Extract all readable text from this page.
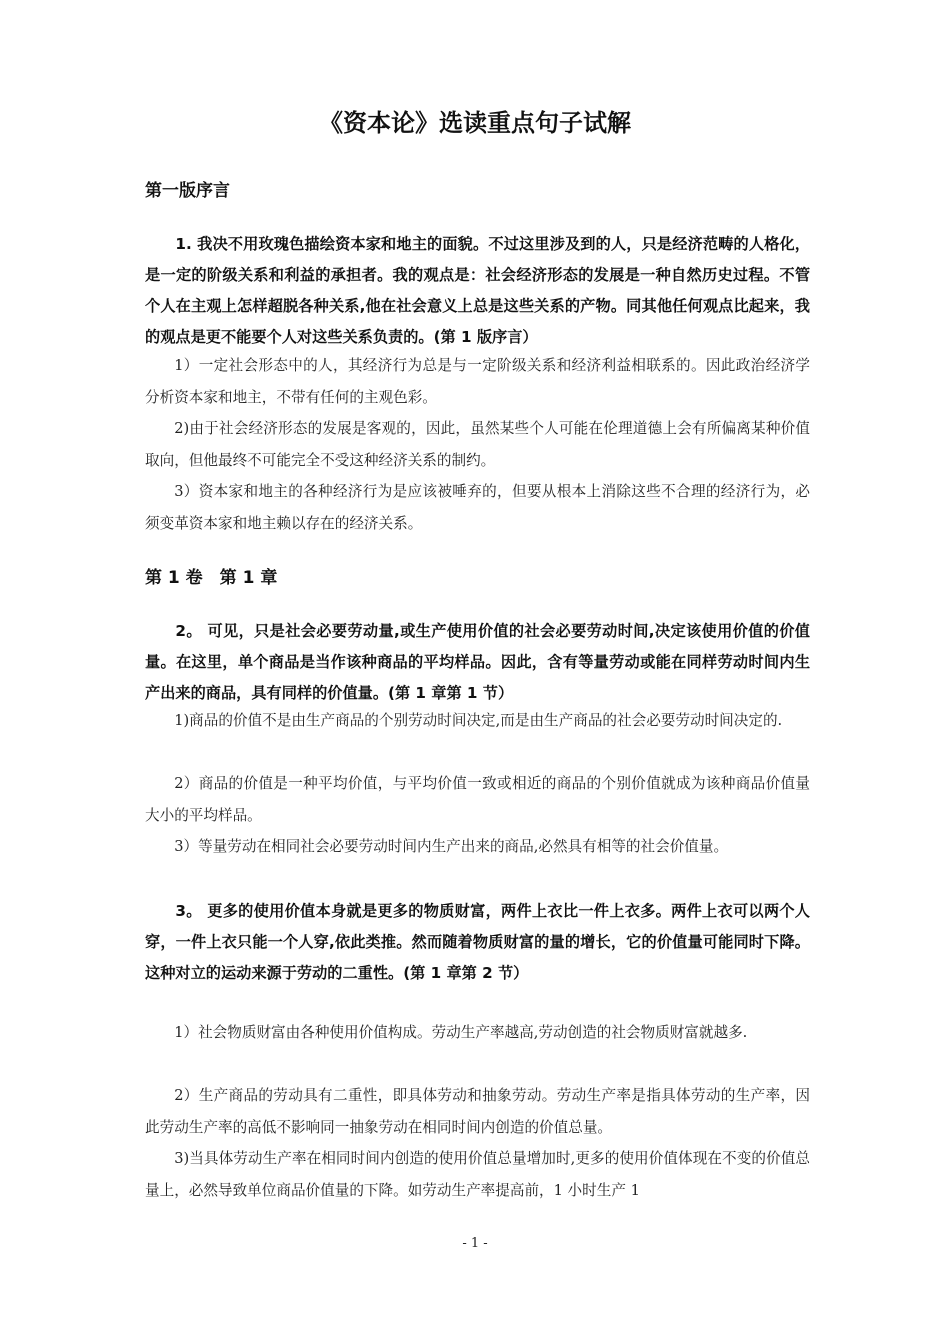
《资本论》选读重点句子试解
第一版序言

1. 我决不用玫瑰色描绘资本家和地主的面貌。不过这里涉及到的人，只是经济范畴的人格化，是一定的阶级关系和利益的承担者。我的观点是：社会经济形态的发展是一种自然历史过程。不管个人在主观上怎样超脱各种关系,他在社会意义上总是这些关系的产物。同其他任何观点比起来，我的观点是更不能要个人对这些关系负责的。(第 1 版序言）

1）一定社会形态中的人，其经济行为总是与一定阶级关系和经济利益相联系的。因此政治经济学分析资本家和地主，不带有任何的主观色彩。

2)由于社会经济形态的发展是客观的，因此，虽然某些个人可能在伦理道德上会有所偏离某种价值取向，但他最终不可能完全不受这种经济关系的制约。

3）资本家和地主的各种经济行为是应该被唾弃的，但要从根本上消除这些不合理的经济行为，必须变革资本家和地主赖以存在的经济关系。

第 1 卷　第 1 章

2。 可见，只是社会必要劳动量,或生产使用价值的社会必要劳动时间,决定该使用价值的价值量。在这里，单个商品是当作该种商品的平均样品。因此，含有等量劳动或能在同样劳动时间内生产出来的商品，具有同样的价值量。(第 1 章第 1 节）

1)商品的价值不是由生产商品的个别劳动时间决定,而是由生产商品的社会必要劳动时间决定的.

2）商品的价值是一种平均价值，与平均价值一致或相近的商品的个别价值就成为该种商品价值量大小的平均样品。

3）等量劳动在相同社会必要劳动时间内生产出来的商品,必然具有相等的社会价值量。

3。 更多的使用价值本身就是更多的物质财富，两件上衣比一件上衣多。两件上衣可以两个人穿，一件上衣只能一个人穿,依此类推。然而随着物质财富的量的增长，它的价值量可能同时下降。这种对立的运动来源于劳动的二重性。(第 1 章第 2 节）

1）社会物质财富由各种使用价值构成。劳动生产率越高,劳动创造的社会物质财富就越多.

2）生产商品的劳动具有二重性，即具体劳动和抽象劳动。劳动生产率是指具体劳动的生产率，因此劳动生产率的高低不影响同一抽象劳动在相同时间内创造的价值总量。

3)当具体劳动生产率在相同时间内创造的使用价值总量增加时,更多的使用价值体现在不变的价值总量上，必然导致单位商品价值量的下降。如劳动生产率提高前，1 小时生产 1

- 1 -
